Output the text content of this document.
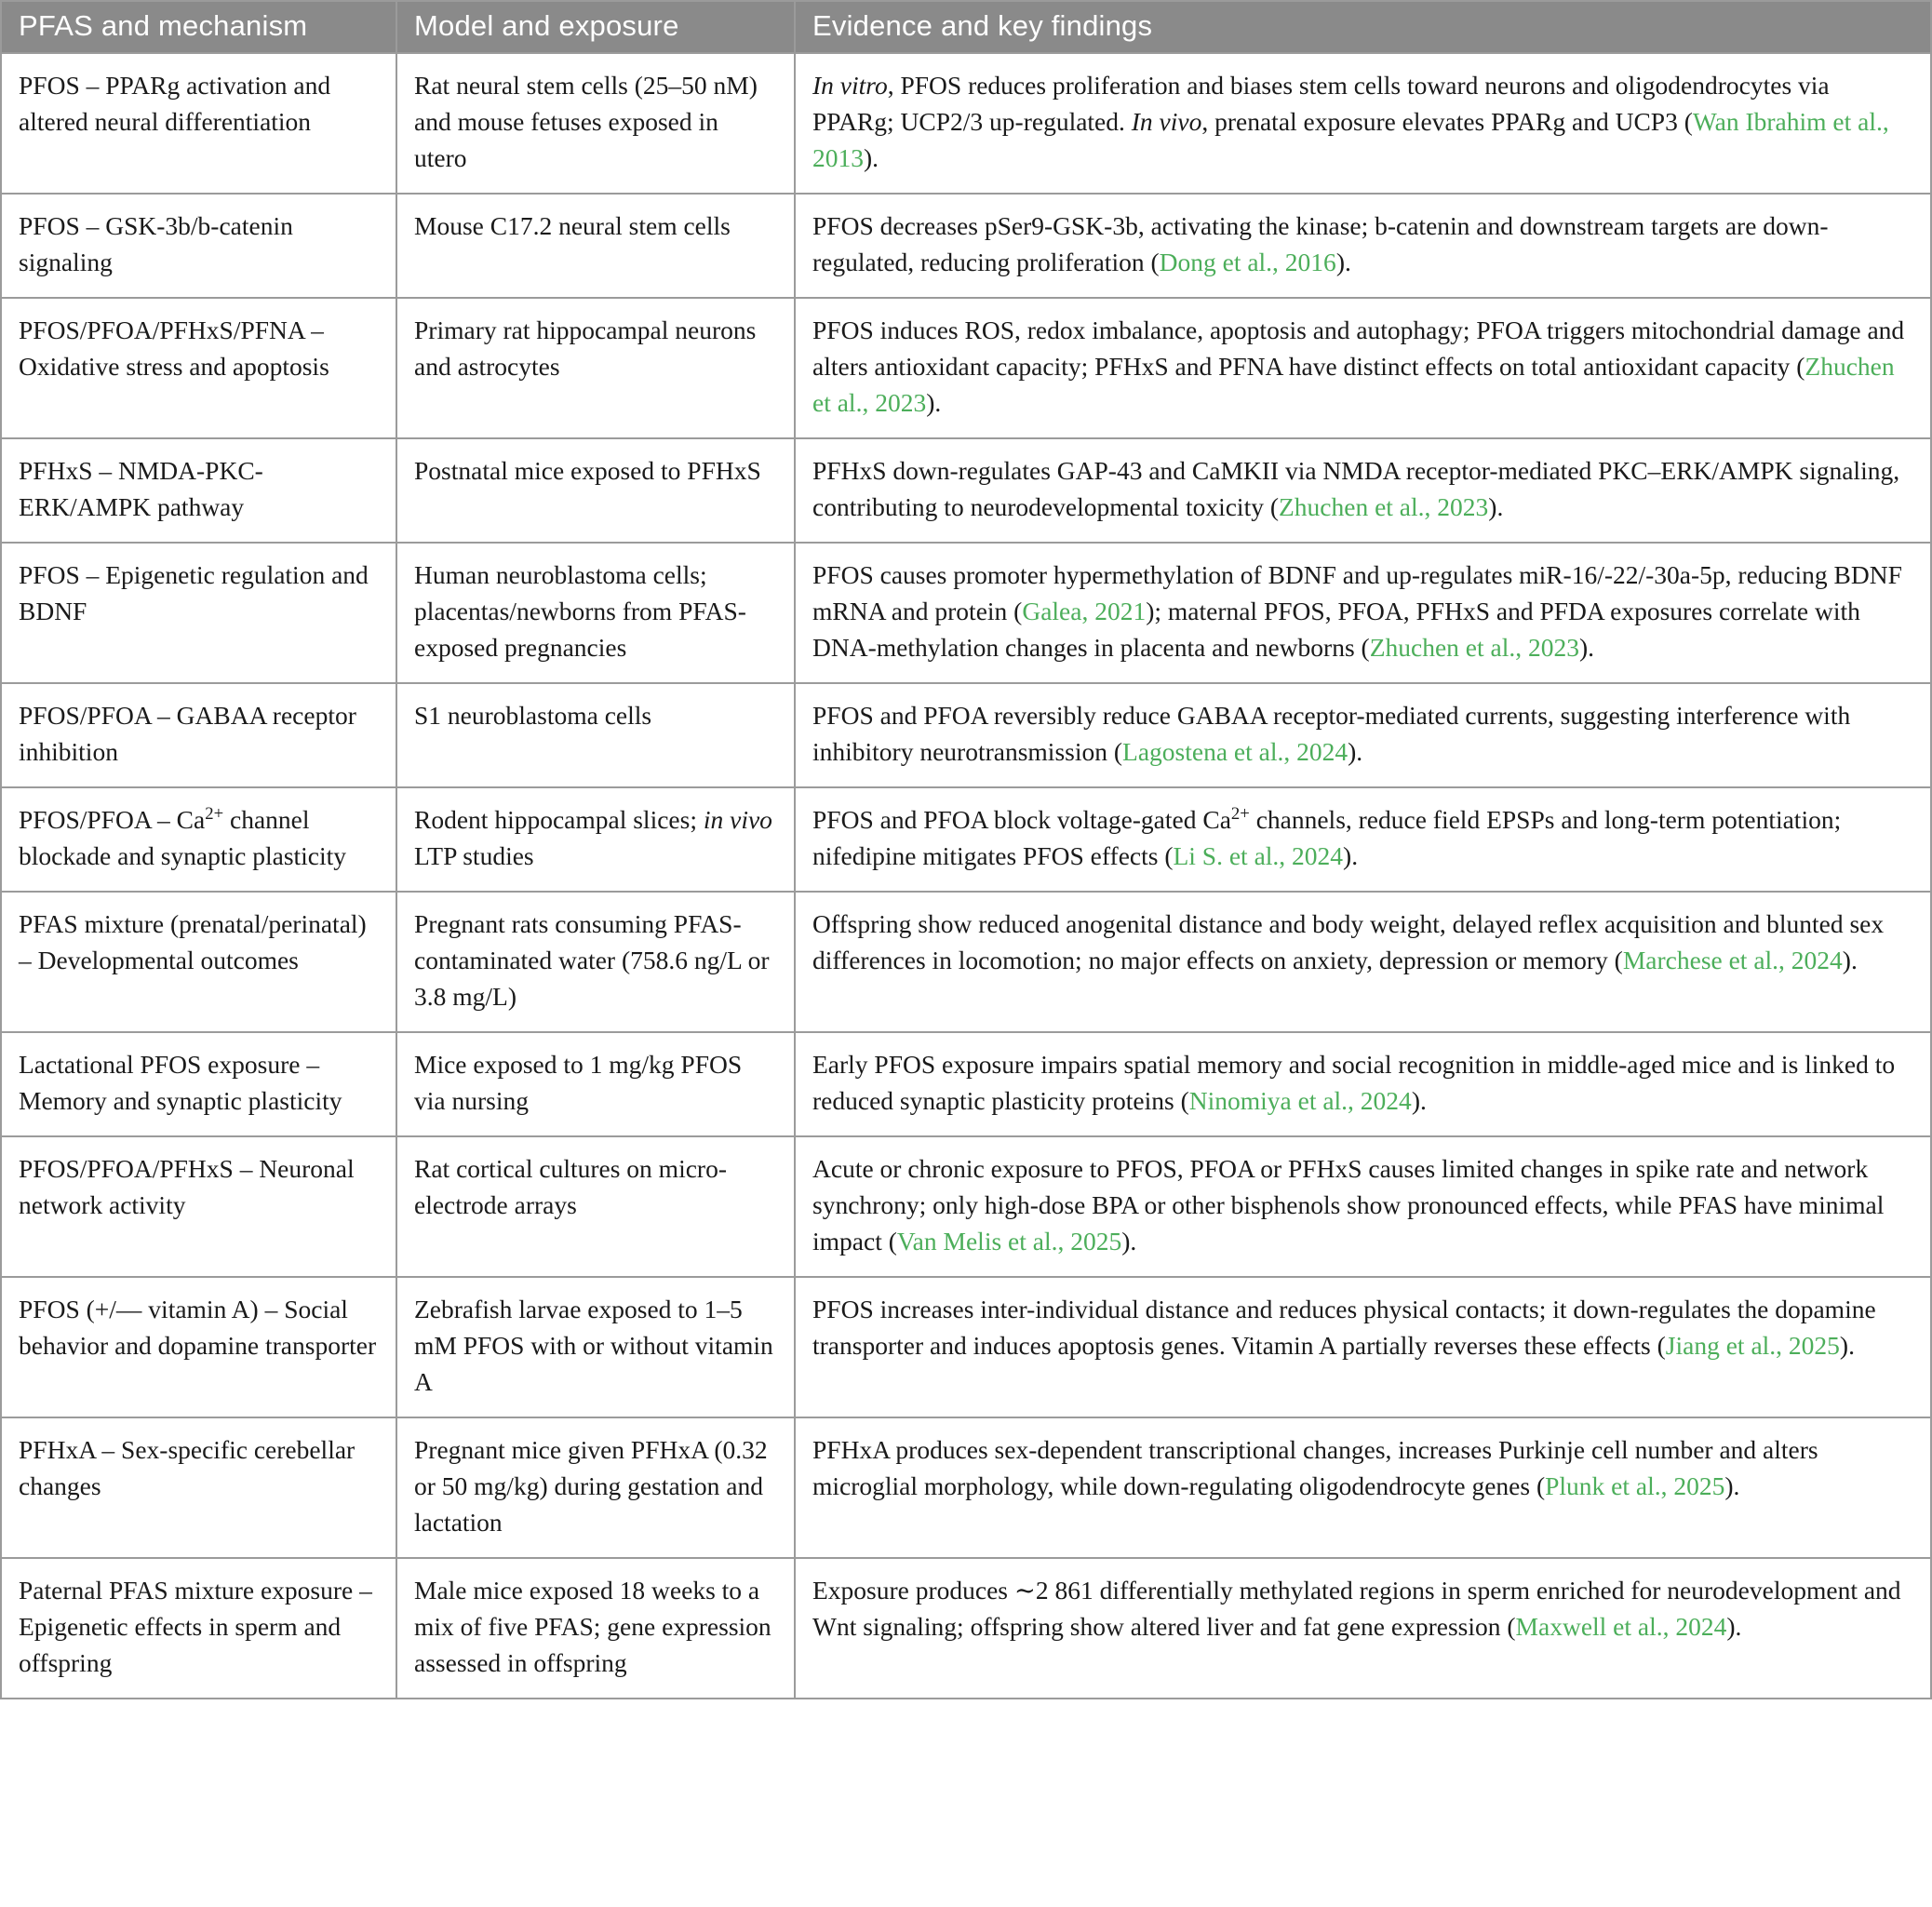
PFAS and mechanism	Model and exposure	Evidence and key findings
PFOS – PPARg activation and altered neural differentiation	Rat neural stem cells (25–50 nM) and mouse fetuses exposed in utero	In vitro, PFOS reduces proliferation and biases stem cells toward neurons and oligodendrocytes via PPARg; UCP2/3 up-regulated. In vivo, prenatal exposure elevates PPARg and UCP3 (Wan Ibrahim et al., 2013).
PFOS – GSK-3b/b-catenin signaling	Mouse C17.2 neural stem cells	PFOS decreases pSer9-GSK-3b, activating the kinase; b-catenin and downstream targets are down-regulated, reducing proliferation (Dong et al., 2016).
PFOS/PFOA/PFHxS/PFNA – Oxidative stress and apoptosis	Primary rat hippocampal neurons and astrocytes	PFOS induces ROS, redox imbalance, apoptosis and autophagy; PFOA triggers mitochondrial damage and alters antioxidant capacity; PFHxS and PFNA have distinct effects on total antioxidant capacity (Zhuchen et al., 2023).
PFHxS – NMDA-PKC-ERK/AMPK pathway	Postnatal mice exposed to PFHxS	PFHxS down-regulates GAP-43 and CaMKII via NMDA receptor-mediated PKC–ERK/AMPK signaling, contributing to neurodevelopmental toxicity (Zhuchen et al., 2023).
PFOS – Epigenetic regulation and BDNF	Human neuroblastoma cells; placentas/newborns from PFAS-exposed pregnancies	PFOS causes promoter hypermethylation of BDNF and up-regulates miR-16/-22/-30a-5p, reducing BDNF mRNA and protein (Galea, 2021); maternal PFOS, PFOA, PFHxS and PFDA exposures correlate with DNA-methylation changes in placenta and newborns (Zhuchen et al., 2023).
PFOS/PFOA – GABAA receptor inhibition	S1 neuroblastoma cells	PFOS and PFOA reversibly reduce GABAA receptor-mediated currents, suggesting interference with inhibitory neurotransmission (Lagostena et al., 2024).
PFOS/PFOA – $Ca^{2+}$ channel blockade and synaptic plasticity	Rodent hippocampal slices; in vivo LTP studies	PFOS and PFOA block voltage-gated $Ca^{2+}$ channels, reduce field EPSPs and long-term potentiation; nifedipine mitigates PFOS effects (Li S. et al., 2024).
PFAS mixture (prenatal/perinatal) – Developmental outcomes	Pregnant rats consuming PFAS-contaminated water (758.6 ng/L or 3.8 mg/L)	Offspring show reduced anogenital distance and body weight, delayed reflex acquisition and blunted sex differences in locomotion; no major effects on anxiety, depression or memory (Marchese et al., 2024).
Lactational PFOS exposure – Memory and synaptic plasticity	Mice exposed to 1 mg/kg PFOS via nursing	Early PFOS exposure impairs spatial memory and social recognition in middle-aged mice and is linked to reduced synaptic plasticity proteins (Ninomiya et al., 2024).
PFOS/PFOA/PFHxS – Neuronal network activity	Rat cortical cultures on micro-electrode arrays	Acute or chronic exposure to PFOS, PFOA or PFHxS causes limited changes in spike rate and network synchrony; only high-dose BPA or other bisphenols show pronounced effects, while PFAS have minimal impact (Van Melis et al., 2025).
PFOS (+/— vitamin A) – Social behavior and dopamine transporter	Zebrafish larvae exposed to 1–5 mM PFOS with or without vitamin A	PFOS increases inter-individual distance and reduces physical contacts; it down-regulates the dopamine transporter and induces apoptosis genes. Vitamin A partially reverses these effects (Jiang et al., 2025).
PFHxA – Sex-specific cerebellar changes	Pregnant mice given PFHxA (0.32 or 50 mg/kg) during gestation and lactation	PFHxA produces sex-dependent transcriptional changes, increases Purkinje cell number and alters microglial morphology, while down-regulating oligodendrocyte genes (Plunk et al., 2025).
Paternal PFAS mixture exposure – Epigenetic effects in sperm and offspring	Male mice exposed 18 weeks to a mix of five PFAS; gene expression assessed in offspring	Exposure produces ∼2 861 differentially methylated regions in sperm enriched for neurodevelopment and Wnt signaling; offspring show altered liver and fat gene expression (Maxwell et al., 2024).
